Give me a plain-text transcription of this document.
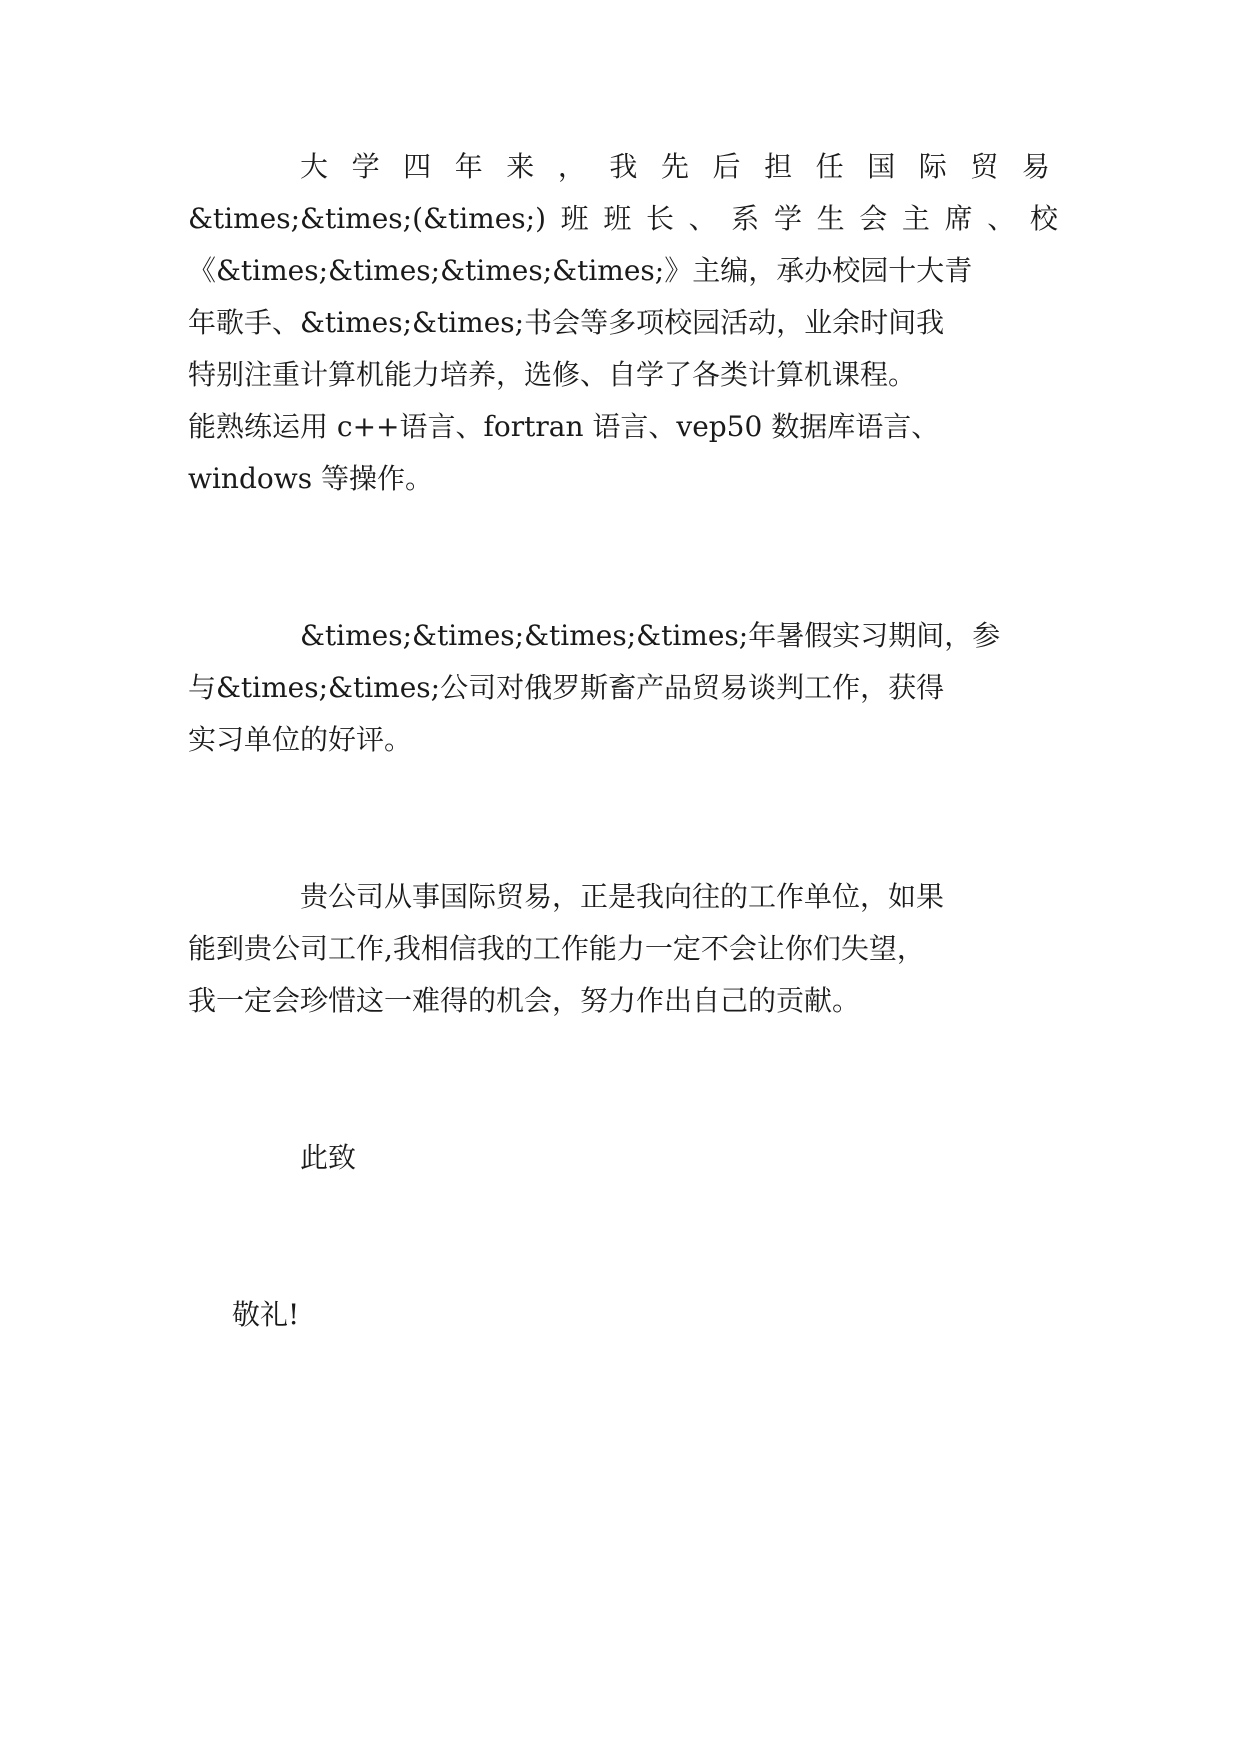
大 学 四 年 来 ， 我 先 后 担 任 国 际 贸 易
&times;&times;(&times;) 班 班 长 、 系 学 生 会 主 席 、 校
《&times;&times;&times;&times;》主编，承办校园十大青
年歌手、&times;&times;书会等多项校园活动，业余时间我
特别注重计算机能力培养，选修、自学了各类计算机课程。
能熟练运用 c++语言、fortran 语言、vep50 数据库语言、
windows 等操作。
&times;&times;&times;&times;年暑假实习期间，参
与&times;&times;公司对俄罗斯畜产品贸易谈判工作，获得
实习单位的好评。
贵公司从事国际贸易，正是我向往的工作单位，如果
能到贵公司工作,我相信我的工作能力一定不会让你们失望，
我一定会珍惜这一难得的机会，努力作出自己的贡献。
此致
敬礼!
